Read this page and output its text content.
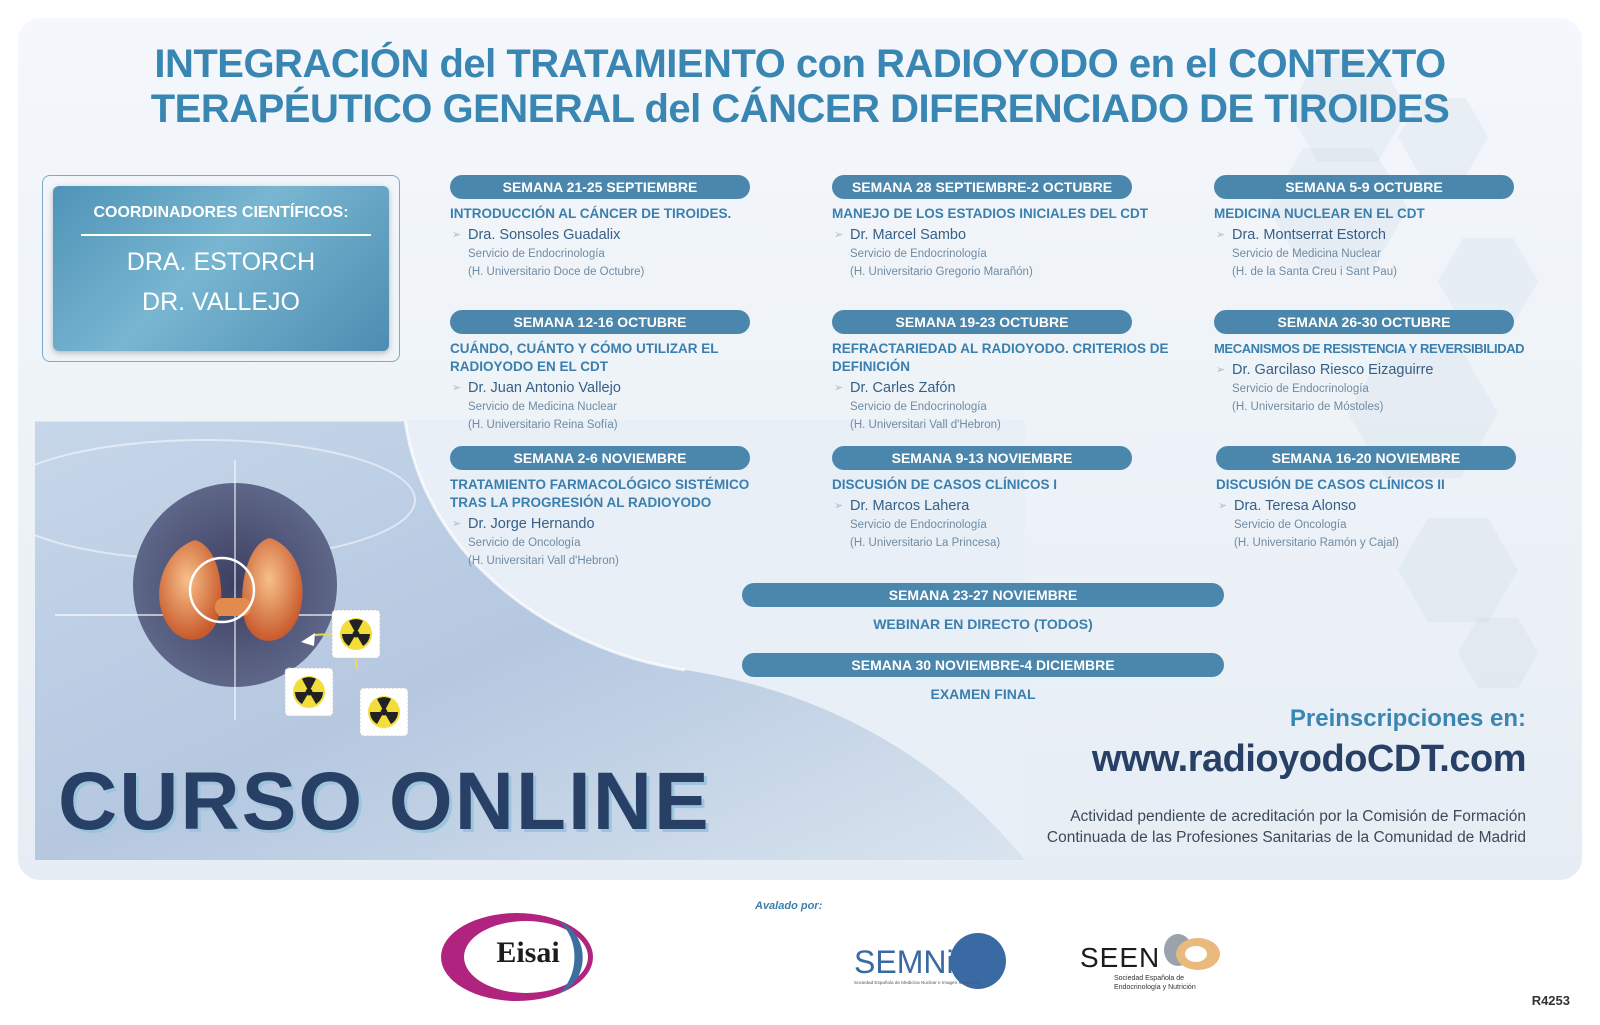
INTEGRACIÓN del TRATAMIENTO con RADIOYODO en el CONTEXTO
TERAPÉUTICO GENERAL del CÁNCER DIFERENCIADO DE TIROIDES
COORDINADORES CIENTÍFICOS:
DRA. ESTORCH
DR. VALLEJO
CURSO ONLINE
SEMANA 21-25 SEPTIEMBRE
INTRODUCCIÓN AL CÁNCER DE TIROIDES.
➢ Dra. Sonsoles Guadalix
Servicio de Endocrinología
(H. Universitario Doce de Octubre)
SEMANA 28 SEPTIEMBRE-2 OCTUBRE
MANEJO DE LOS ESTADIOS INICIALES DEL CDT
➢ Dr. Marcel Sambo
Servicio de Endocrinología
(H. Universitario Gregorio Marañón)
SEMANA 5-9 OCTUBRE
MEDICINA NUCLEAR EN EL CDT
➢ Dra. Montserrat Estorch
Servicio de Medicina Nuclear
(H. de la Santa Creu i Sant Pau)
SEMANA 12-16 OCTUBRE
CUÁNDO, CUÁNTO Y CÓMO UTILIZAR EL RADIOYODO EN EL CDT
➢ Dr. Juan Antonio Vallejo
Servicio de Medicina Nuclear
(H. Universitario Reina Sofía)
SEMANA 19-23 OCTUBRE
REFRACTARIEDAD AL RADIOYODO. CRITERIOS DE DEFINICIÓN
➢ Dr. Carles Zafón
Servicio de Endocrinología
(H. Universitari Vall d'Hebron)
SEMANA 26-30 OCTUBRE
MECANISMOS DE RESISTENCIA Y REVERSIBILIDAD
➢ Dr. Garcilaso Riesco Eizaguirre
Servicio de Endocrinología
(H. Universitario de Móstoles)
SEMANA 2-6 NOVIEMBRE
TRATAMIENTO FARMACOLÓGICO SISTÉMICO TRAS LA PROGRESIÓN AL RADIOYODO
➢ Dr. Jorge Hernando
Servicio de Oncología
(H. Universitari Vall d'Hebron)
SEMANA 9-13 NOVIEMBRE
DISCUSIÓN DE CASOS CLÍNICOS I
➢ Dr. Marcos Lahera
Servicio de Endocrinología
(H. Universitario La Princesa)
SEMANA 16-20 NOVIEMBRE
DISCUSIÓN DE CASOS CLÍNICOS II
➢ Dra. Teresa Alonso
Servicio de Oncología
(H. Universitario Ramón y Cajal)
SEMANA 23-27 NOVIEMBRE
WEBINAR EN DIRECTO (TODOS)
SEMANA 30 NOVIEMBRE-4 DICIEMBRE
EXAMEN FINAL
Preinscripciones en:
www.radioyodoCDT.com
Actividad pendiente de acreditación por la Comisión de Formación
Continuada de las Profesiones Sanitarias de la Comunidad de Madrid
Eisai
Avalado por:
SEMNim
Sociedad Española de Medicina Nuclear e Imagen Molecular
SEEN
Sociedad Española de Endocrinología y Nutrición
R4253
